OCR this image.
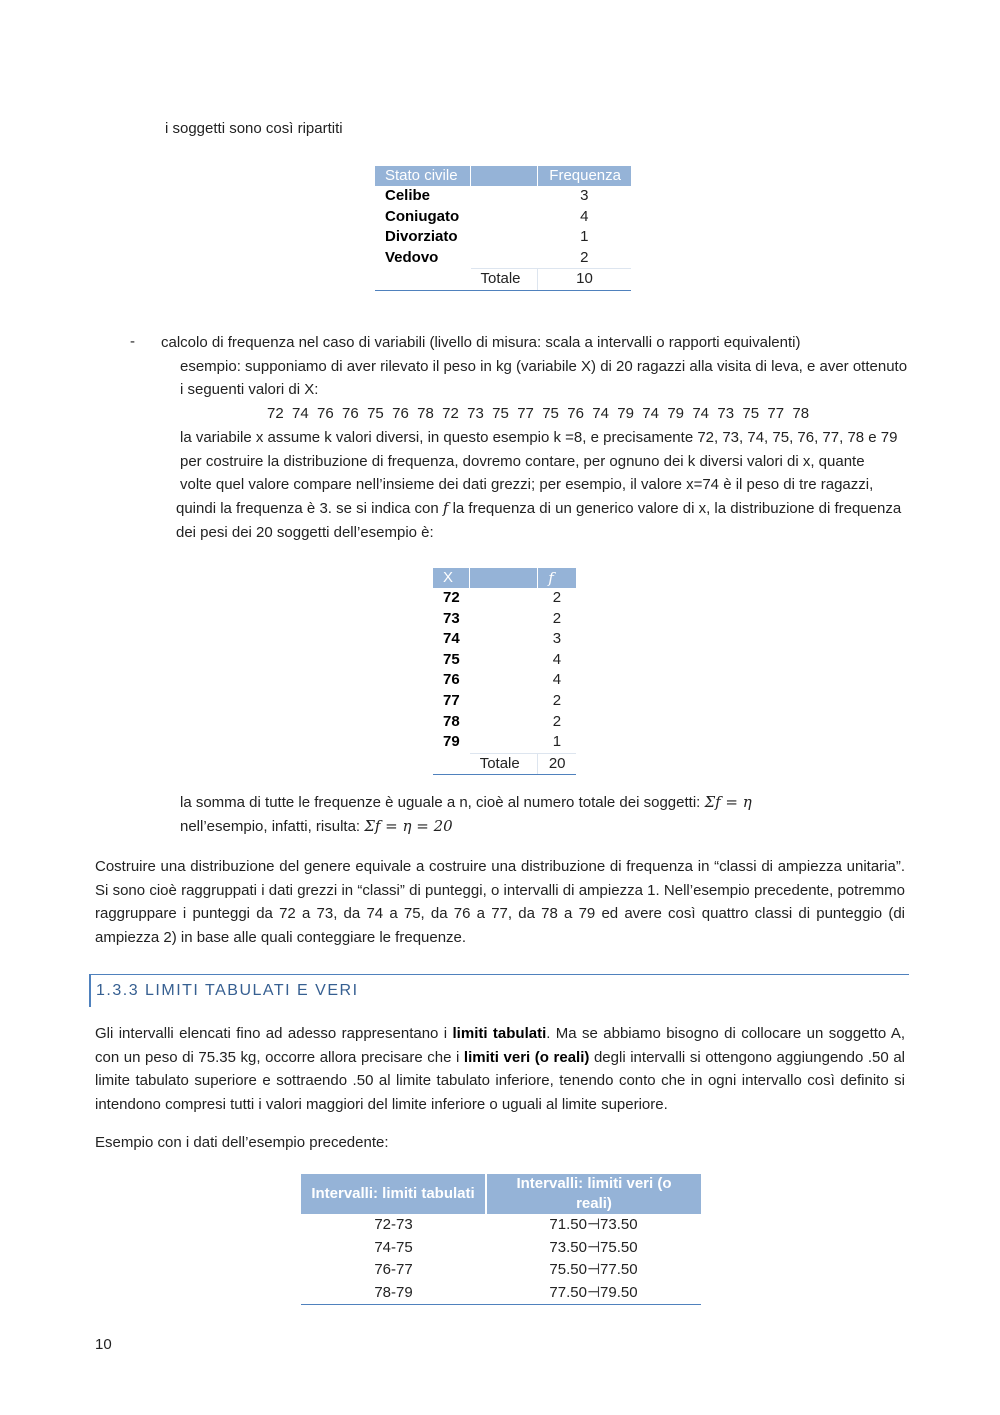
i soggetti sono così ripartiti
Stato civile		Frequenza
Celibe		3
Coniugato		4
Divorziato		1
Vedovo		2
	Totale	10
- calcolo di frequenza nel caso di variabili (livello di misura: scala a intervalli o rapporti equivalenti)
esempio: supponiamo di aver rilevato il peso in kg (variabile X) di 20 ragazzi alla visita di leva, e aver ottenuto
i seguenti valori di X:
72  74  76  76  75  76  78  72  73  75  77  75  76  74  79  74  79  74  73  75  77  78
la variabile x assume k valori diversi, in questo esempio k =8, e precisamente 72, 73, 74, 75, 76, 77, 78 e 79
per costruire la distribuzione di frequenza, dovremo contare, per ognuno dei k diversi valori di x, quante
volte quel valore compare nell’insieme dei dati grezzi; per esempio, il valore x=74 è il peso di tre ragazzi,
quindi la frequenza è 3. se si indica con f la frequenza di un generico valore di x, la distribuzione di frequenza
dei pesi dei 20 soggetti dell’esempio è:
X		f
72		2
73		2
74		3
75		4
76		4
77		2
78		2
79		1
	Totale	20
la somma di tutte le frequenze è uguale a n, cioè al numero totale dei soggetti: Σf = η
nell’esempio, infatti, risulta: Σf = η = 20
Costruire una distribuzione del genere equivale a costruire una distribuzione di frequenza in “classi di ampiezza unitaria”. Si sono cioè raggruppati i dati grezzi in “classi” di punteggi, o intervalli di ampiezza 1. Nell’esempio precedente, potremmo raggruppare i punteggi da 72 a 73, da 74 a 75, da 76 a 77, da 78 a 79 ed avere così quattro classi di punteggio (di ampiezza 2) in base alle quali conteggiare le frequenze.
1.3.3 LIMITI TABULATI E VERI
Gli intervalli elencati fino ad adesso rappresentano i limiti tabulati. Ma se abbiamo bisogno di collocare un soggetto A, con un peso di 75.35 kg, occorre allora precisare che i limiti veri (o reali) degli intervalli si ottengono aggiungendo .50 al limite tabulato superiore e sottraendo .50 al limite tabulato inferiore, tenendo conto che in ogni intervallo così definito si intendono compresi tutti i valori maggiori del limite inferiore o uguali al limite superiore.
Esempio con i dati dell’esempio precedente:
Intervalli: limiti tabulati	Intervalli: limiti veri (o reali)
72-73	71.50⊣73.50
74-75	73.50⊣75.50
76-77	75.50⊣77.50
78-79	77.50⊣79.50
10
